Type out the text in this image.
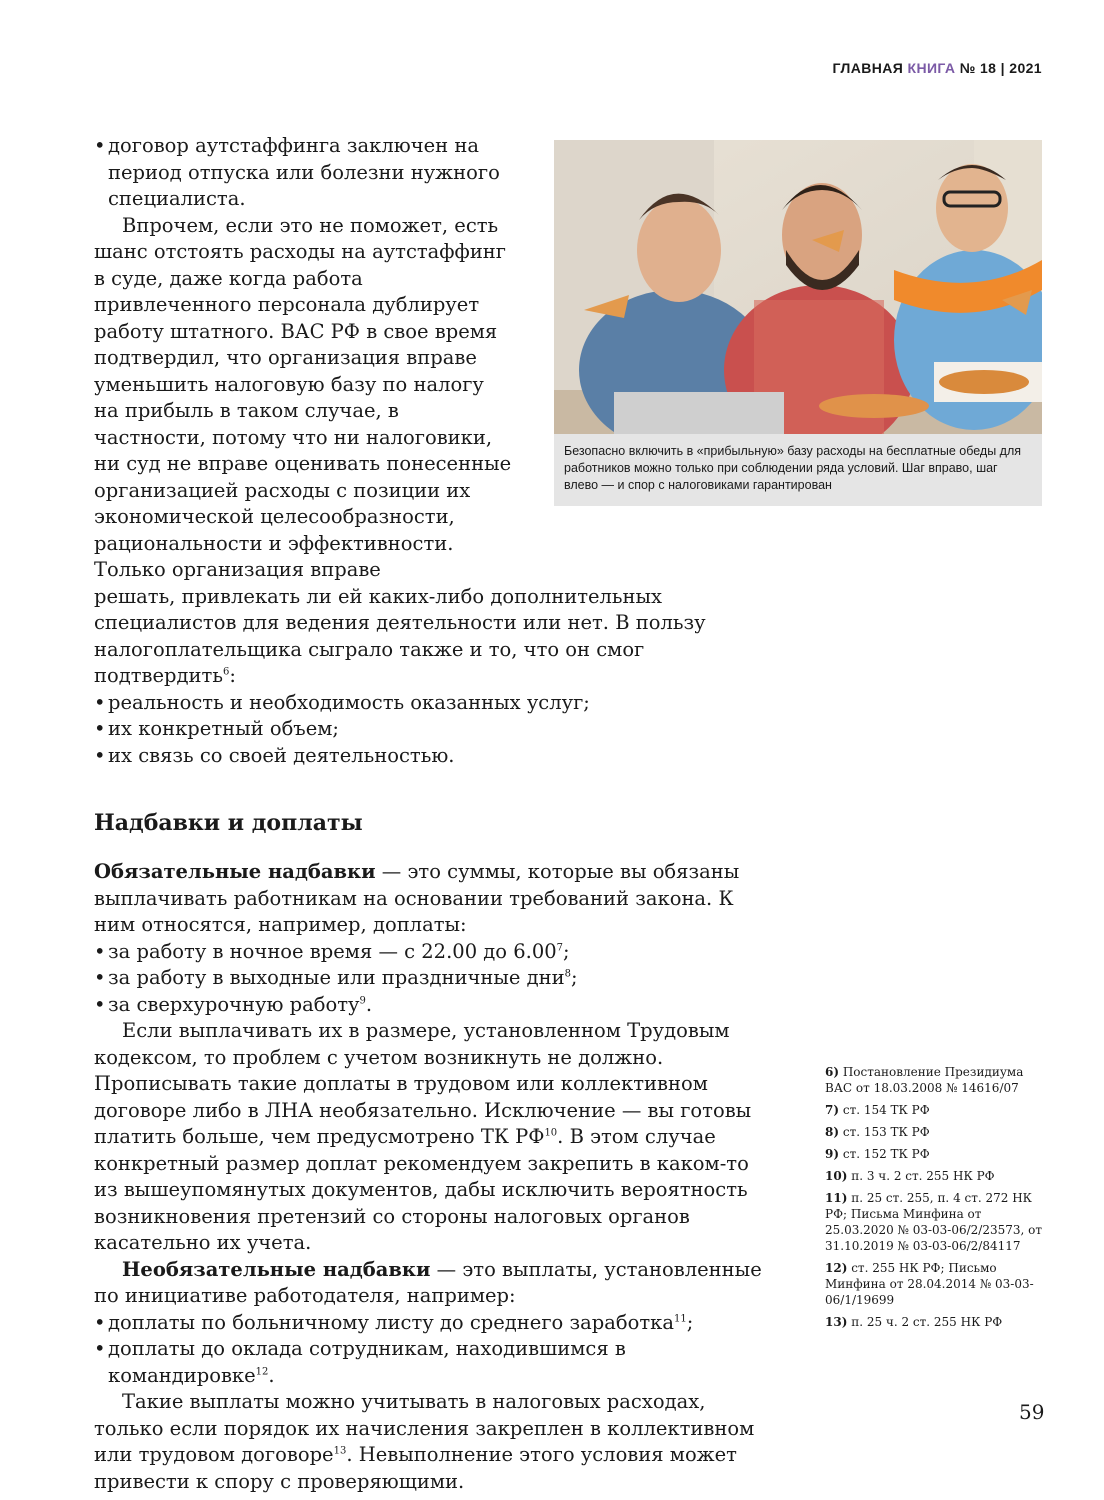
ГЛАВНАЯ КНИГА № 18 | 2021
Безопасно включить в «прибыльную» базу расходы на бесплатные обеды для работников можно только при соблюдении ряда условий. Шаг вправо, шаг влево — и спор с налоговиками гарантирован

• договор аутстаффинга заключен на период отпуска или болезни нужного специалиста.

Впрочем, если это не поможет, есть шанс отстоять расходы на аутстаффинг в суде, даже когда работа привлеченного персонала дублирует работу штатного. ВАС РФ в свое время подтвердил, что организация вправе уменьшить налоговую базу по налогу на прибыль в таком случае, в частности, потому что ни налоговики, ни суд не вправе оценивать понесенные организацией расходы с позиции их экономической целесообразности, рациональности и эффективности. Только организация вправе

решать, привлекать ли ей каких-либо дополнительных специалистов для ведения деятельности или нет. В пользу налогоплательщика сыграло также и то, что он смог подтвердить$^6$:

• реальность и необходимость оказанных услуг;

• их конкретный объем;

• их связь со своей деятельностью.

Надбавки и доплаты

Обязательные надбавки — это суммы, которые вы обязаны выплачивать работникам на основании требований закона. К ним относятся, например, доплаты:

• за работу в ночное время — с 22.00 до 6.00$^7$;

• за работу в выходные или праздничные дни$^8$;

• за сверхурочную работу$^9$.

Если выплачивать их в размере, установленном Трудовым кодексом, то проблем с учетом возникнуть не должно. Прописывать такие доплаты в трудовом или коллективном договоре либо в ЛНА необязательно. Исключение — вы готовы платить больше, чем предусмотрено ТК РФ$^{10}$. В этом случае конкретный размер доплат рекомендуем закрепить в каком-то из вышеупомянутых документов, дабы исключить вероятность возникновения претензий со стороны налоговых органов касательно их учета.

Необязательные надбавки — это выплаты, установленные по инициативе работодателя, например:

• доплаты по больничному листу до среднего заработка$^{11}$;

• доплаты до оклада сотрудникам, находившимся в командировке$^{12}$.

Такие выплаты можно учитывать в налоговых расходах, только если порядок их начисления закреплен в коллективном или трудовом договоре$^{13}$. Невыполнение этого условия может привести к спору с проверяющими.

6) Постановление Президиума ВАС от 18.03.2008 № 14616/07
7) ст. 154 ТК РФ
8) ст. 153 ТК РФ
9) ст. 152 ТК РФ
10) п. 3 ч. 2 ст. 255 НК РФ
11) п. 25 ст. 255, п. 4 ст. 272 НК РФ; Письма Минфина от 25.03.2020 № 03-03-06/2/23573, от 31.10.2019 № 03-03-06/2/84117
12) ст. 255 НК РФ; Письмо Минфина от 28.04.2014 № 03-03-06/1/19699
13) п. 25 ч. 2 ст. 255 НК РФ
59
